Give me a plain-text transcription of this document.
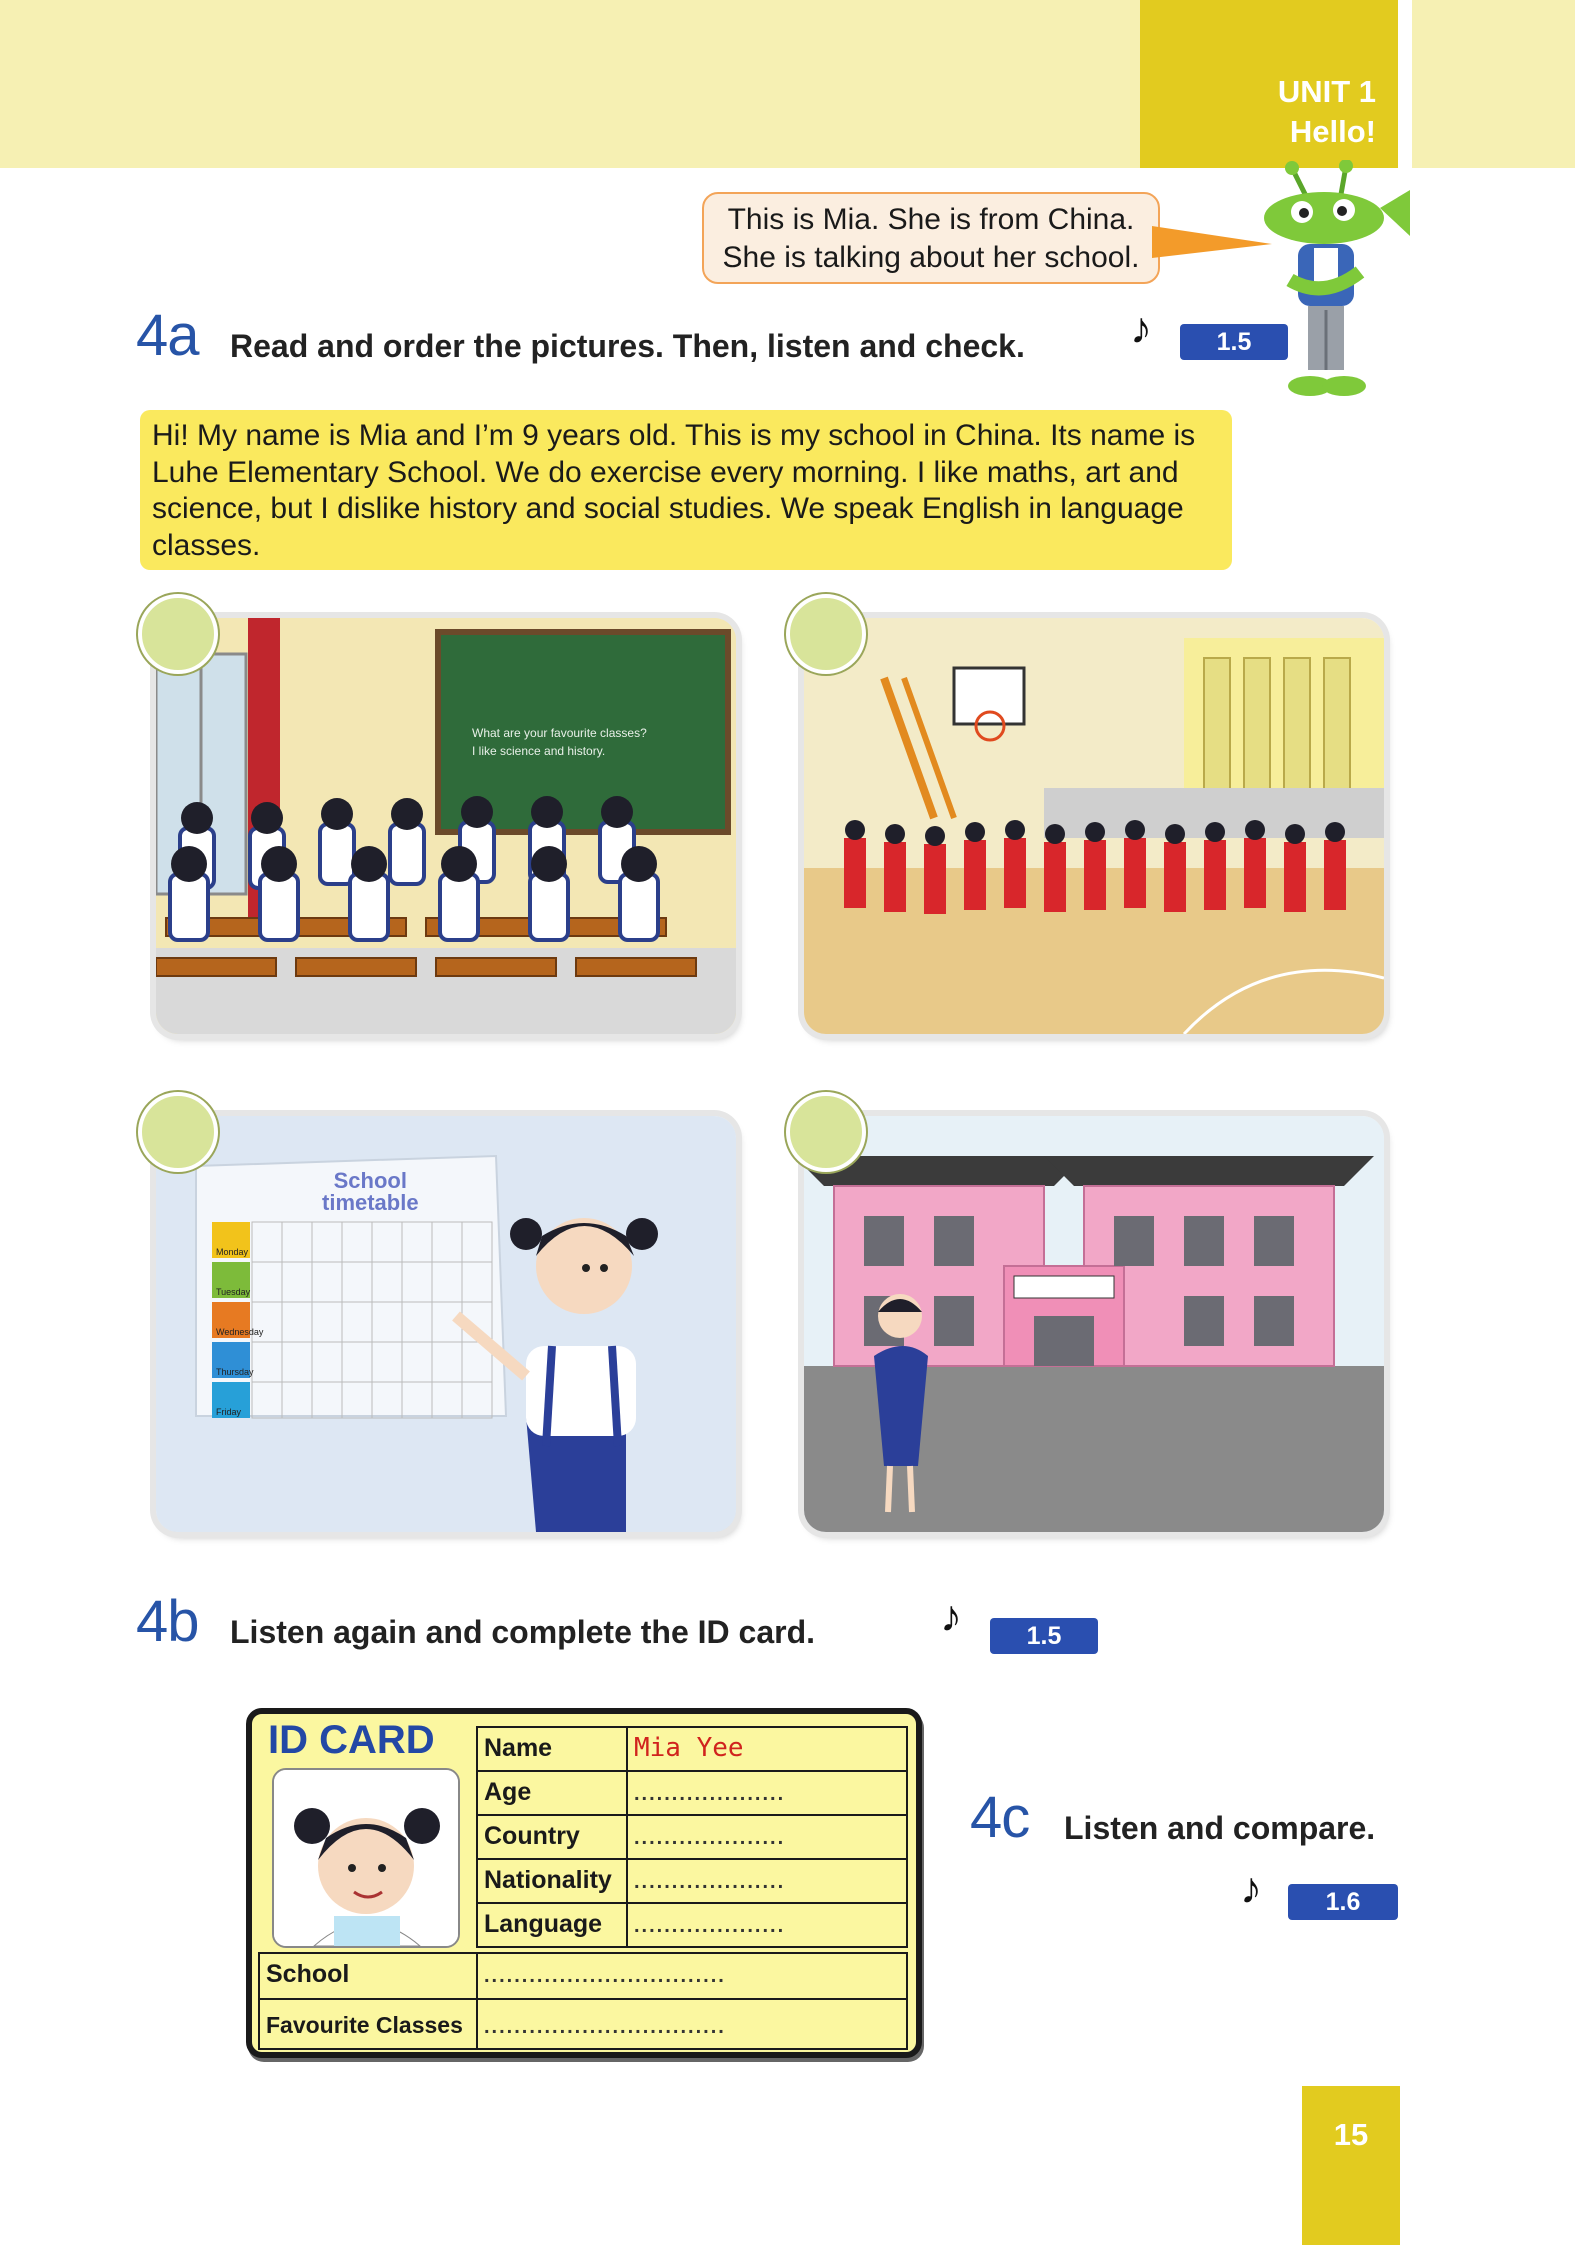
UNIT 1
Hello!
This is Mia. She is from China.
She is talking about her school.
4a Read and order the pictures. Then, listen and check. ♪	1.5
Hi! My name is Mia and I’m 9 years old. This is my school in China. Its name is Luhe Elementary School. We do exercise every morning. I like maths, art and science, but I dislike history and social studies. We speak English in language classes.
What are your favourite classes?
I like science and history.
School
timetable
Monday
Tuesday
Wednesday
Thursday
Friday
4b Listen again and complete the ID card.	♪	1.5
ID CARD	Name	Mia Yee
Age	....................
Country	....................
Nationality	....................
Language	....................
School	................................
Favourite Classes	................................
4c Listen and compare.
♪	1.6
15
